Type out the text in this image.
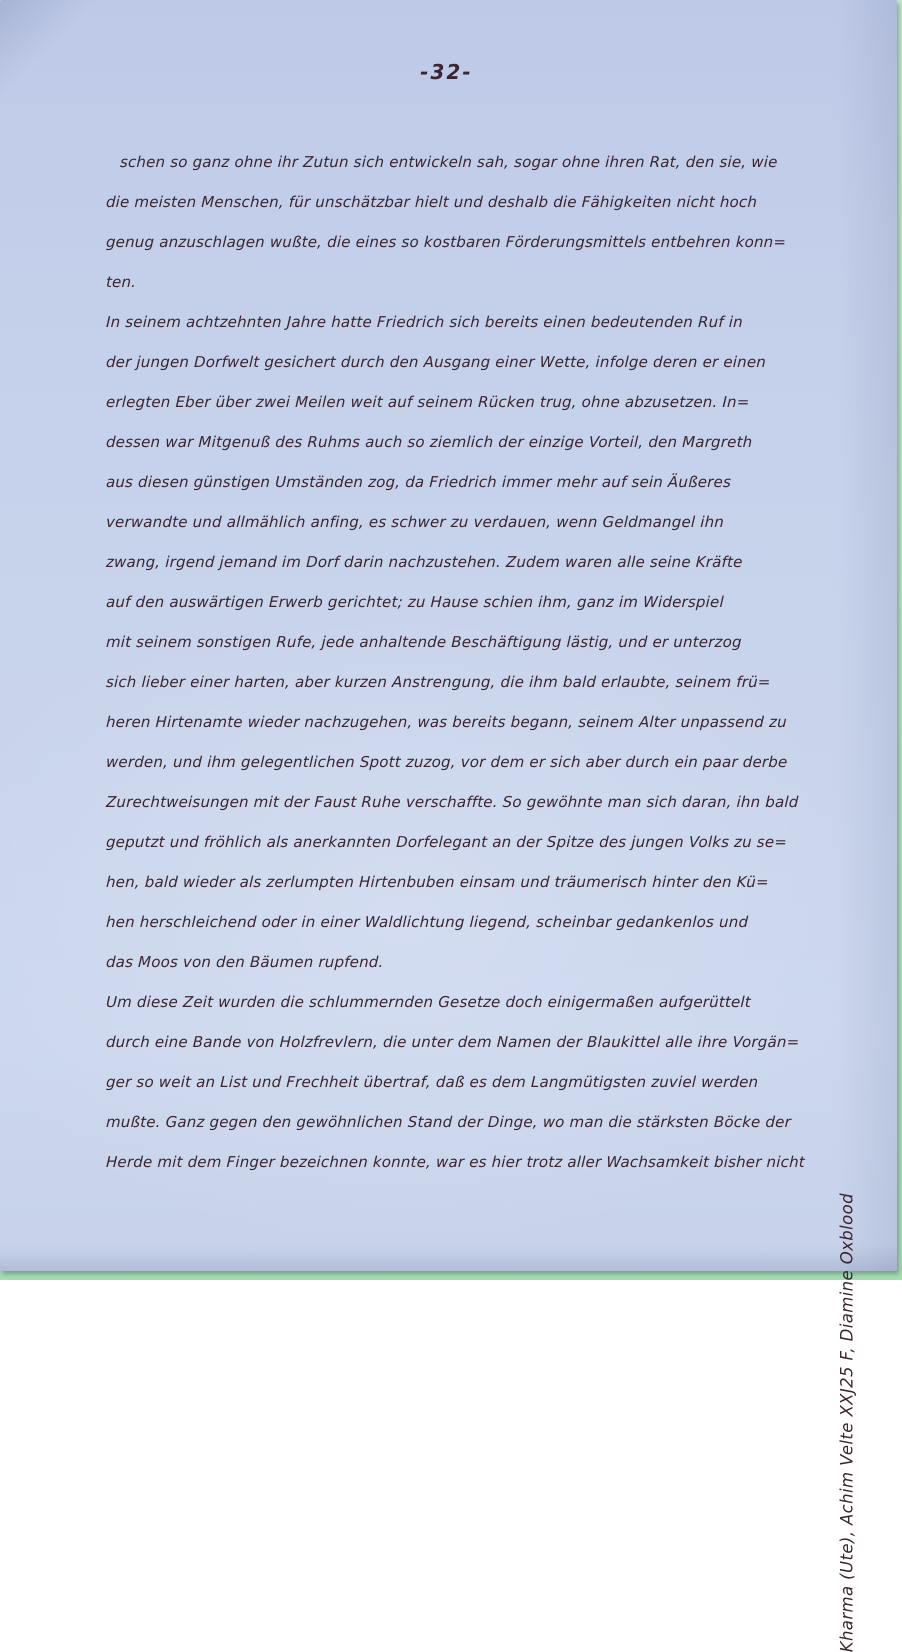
-32-
schen so ganz ohne ihr Zutun sich entwickeln sah, sogar ohne ihren Rat, den sie, wie
die meisten Menschen, für unschätzbar hielt und deshalb die Fähigkeiten nicht hoch
genug anzuschlagen wußte, die eines so kostbaren Förderungsmittels entbehren konn=
ten.
In seinem achtzehnten Jahre hatte Friedrich sich bereits einen bedeutenden Ruf in
der jungen Dorfwelt gesichert durch den Ausgang einer Wette, infolge deren er einen
erlegten Eber über zwei Meilen weit auf seinem Rücken trug, ohne abzusetzen. In=
dessen war Mitgenuß des Ruhms auch so ziemlich der einzige Vorteil, den Margreth
aus diesen günstigen Umständen zog, da Friedrich immer mehr auf sein Äußeres
verwandte und allmählich anfing, es schwer zu verdauen, wenn Geldmangel ihn
zwang, irgend jemand im Dorf darin nachzustehen. Zudem waren alle seine Kräfte
auf den auswärtigen Erwerb gerichtet; zu Hause schien ihm, ganz im Widerspiel
mit seinem sonstigen Rufe, jede anhaltende Beschäftigung lästig, und er unterzog
sich lieber einer harten, aber kurzen Anstrengung, die ihm bald erlaubte, seinem frü=
heren Hirtenamte wieder nachzugehen, was bereits begann, seinem Alter unpassend zu
werden, und ihm gelegentlichen Spott zuzog, vor dem er sich aber durch ein paar derbe
Zurechtweisungen mit der Faust Ruhe verschaffte. So gewöhnte man sich daran, ihn bald
geputzt und fröhlich als anerkannten Dorfelegant an der Spitze des jungen Volks zu se=
hen, bald wieder als zerlumpten Hirtenbuben einsam und träumerisch hinter den Kü=
hen herschleichend oder in einer Waldlichtung liegend, scheinbar gedankenlos und
das Moos von den Bäumen rupfend.
Um diese Zeit wurden die schlummernden Gesetze doch einigermaßen aufgerüttelt
durch eine Bande von Holzfrevlern, die unter dem Namen der Blaukittel alle ihre Vorgän=
ger so weit an List und Frechheit übertraf, daß es dem Langmütigsten zuviel werden
mußte. Ganz gegen den gewöhnlichen Stand der Dinge, wo man die stärksten Böcke der
Herde mit dem Finger bezeichnen konnte, war es hier trotz aller Wachsamkeit bisher nicht
Kharma (Ute), Achim Velte XXJ25 F, Diamine Oxblood
